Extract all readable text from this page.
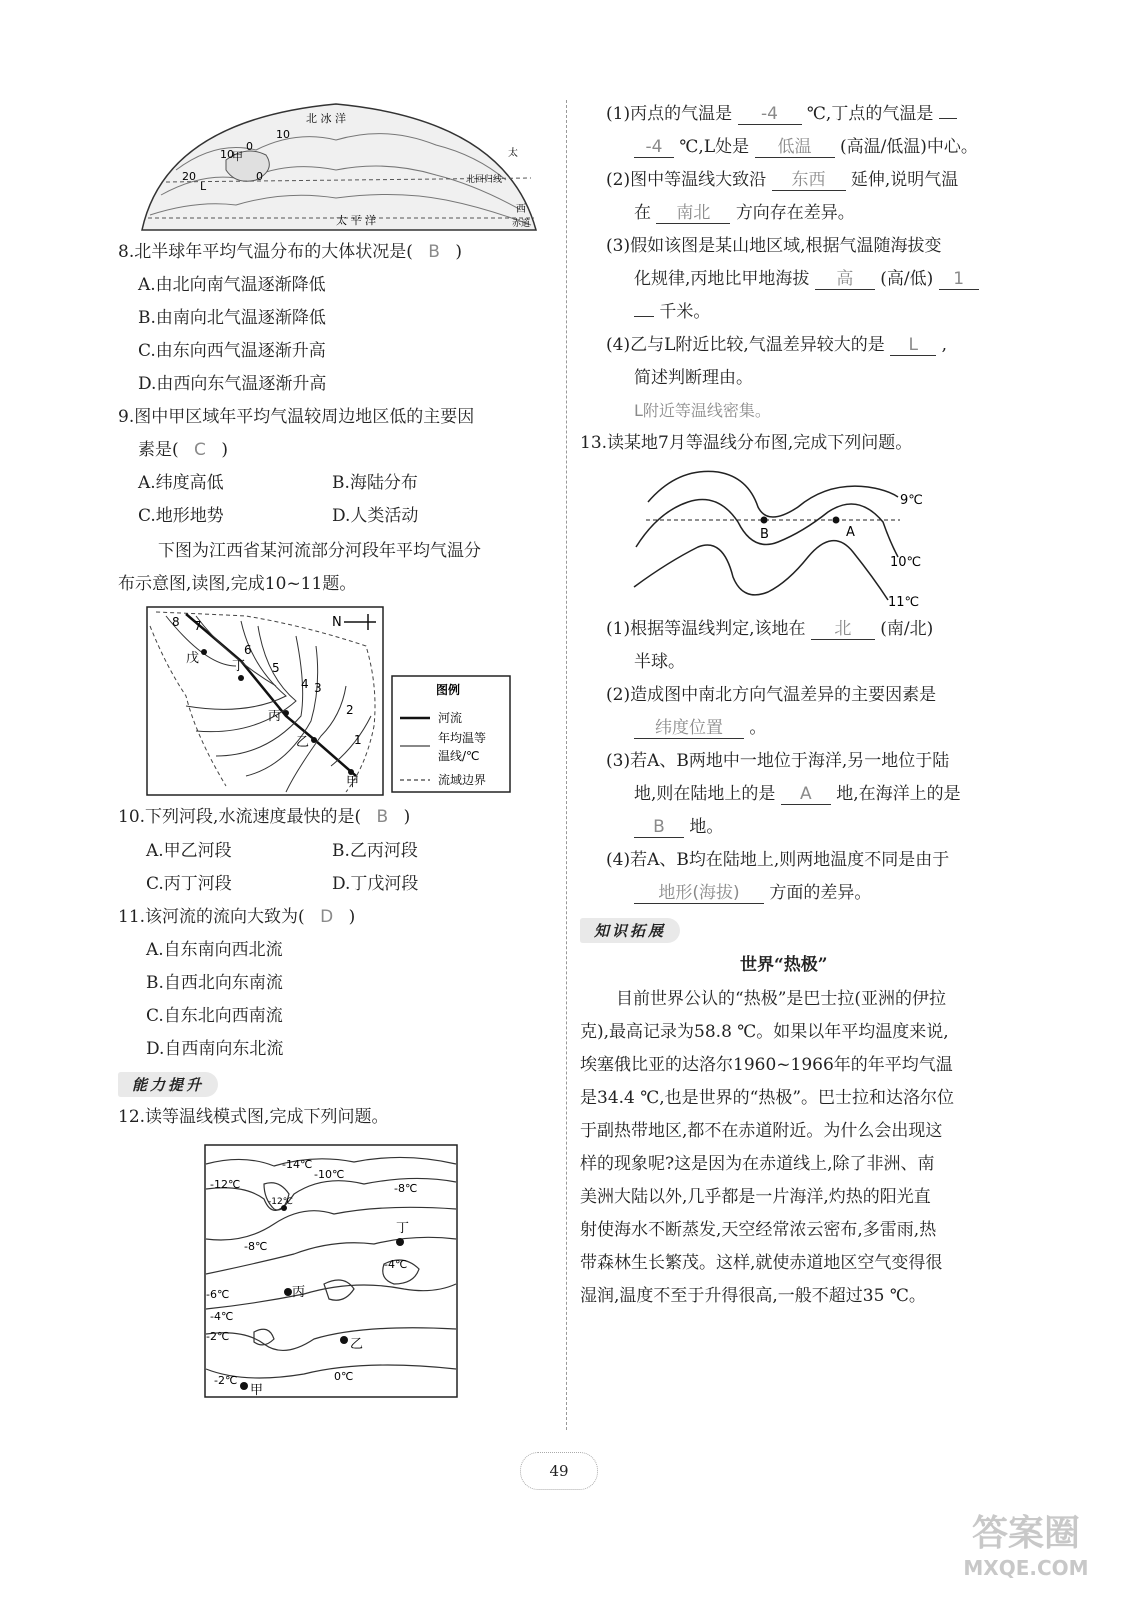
北 冰 洋
10
0
10
甲
20
L
0	北回归线
太
太 平 洋
西
赤道
8.北半球年平均气温分布的大体状况是( B )
A.由北向南气温逐渐降低
B.由南向北气温逐渐降低
C.由东向西气温逐渐升高
D.由西向东气温逐渐升高
9.图中甲区域年平均气温较周边地区低的主要因
素是( C )
A.纬度高低	B.海陆分布
C.地形地势	D.人类活动
下图为江西省某河流部分河段年平均气温分
布示意图,读图,完成10~11题。
8 7
6
5
4 3
2
1
戊
丁
丙
乙
甲
N
图例
河流
年均温等
温线/℃
流域边界
10.下列河段,水流速度最快的是( B )
A.甲乙河段	B.乙丙河段
C.丙丁河段	D.丁戊河段
11.该河流的流向大致为( D )
A.自东南向西北流
B.自西北向东南流
C.自东北向西南流
D.自西南向东北流
能力提升
12.读等温线模式图,完成下列问题。
-14℃
-10℃
-12℃
-12℃
-8℃
-8℃
-6℃
-4℃
-4℃
-2℃
-2℃	0℃
丁
丙
乙
甲
(1)丙点的气温是 -4 ℃,丁点的气温是
-4 ℃,L处是 低温 (高温/低温)中心。
(2)图中等温线大致沿 东西 延伸,说明气温
在 南北 方向存在差异。
(3)假如该图是某山地区域,根据气温随海拔变
化规律,丙地比甲地海拔 高 (高/低) 1
千米。
(4)乙与L附近比较,气温差异较大的是 L ,
简述判断理由。
L附近等温线密集。
13.读某地7月等温线分布图,完成下列问题。
9℃
10℃
11℃
B	A
(1)根据等温线判定,该地在 北 (南/北)
半球。
(2)造成图中南北方向气温差异的主要因素是
纬度位置 。
(3)若A、B两地中一地位于海洋,另一地位于陆
地,则在陆地上的是 A 地,在海洋上的是
B 地。
(4)若A、B均在陆地上,则两地温度不同是由于
地形(海拔) 方面的差异。
知识拓展
世界“热极”
目前世界公认的“热极”是巴士拉(亚洲的伊拉
克),最高记录为58.8 ℃。如果以年平均温度来说,
埃塞俄比亚的达洛尔1960~1966年的年平均气温
是34.4 ℃,也是世界的“热极”。巴士拉和达洛尔位
于副热带地区,都不在赤道附近。为什么会出现这
样的现象呢?这是因为在赤道线上,除了非洲、南
美洲大陆以外,几乎都是一片海洋,灼热的阳光直
射使海水不断蒸发,天空经常浓云密布,多雷雨,热
带森林生长繁茂。这样,就使赤道地区空气变得很
湿润,温度不至于升得很高,一般不超过35 ℃。
49
答案圈
MXQE.COM
